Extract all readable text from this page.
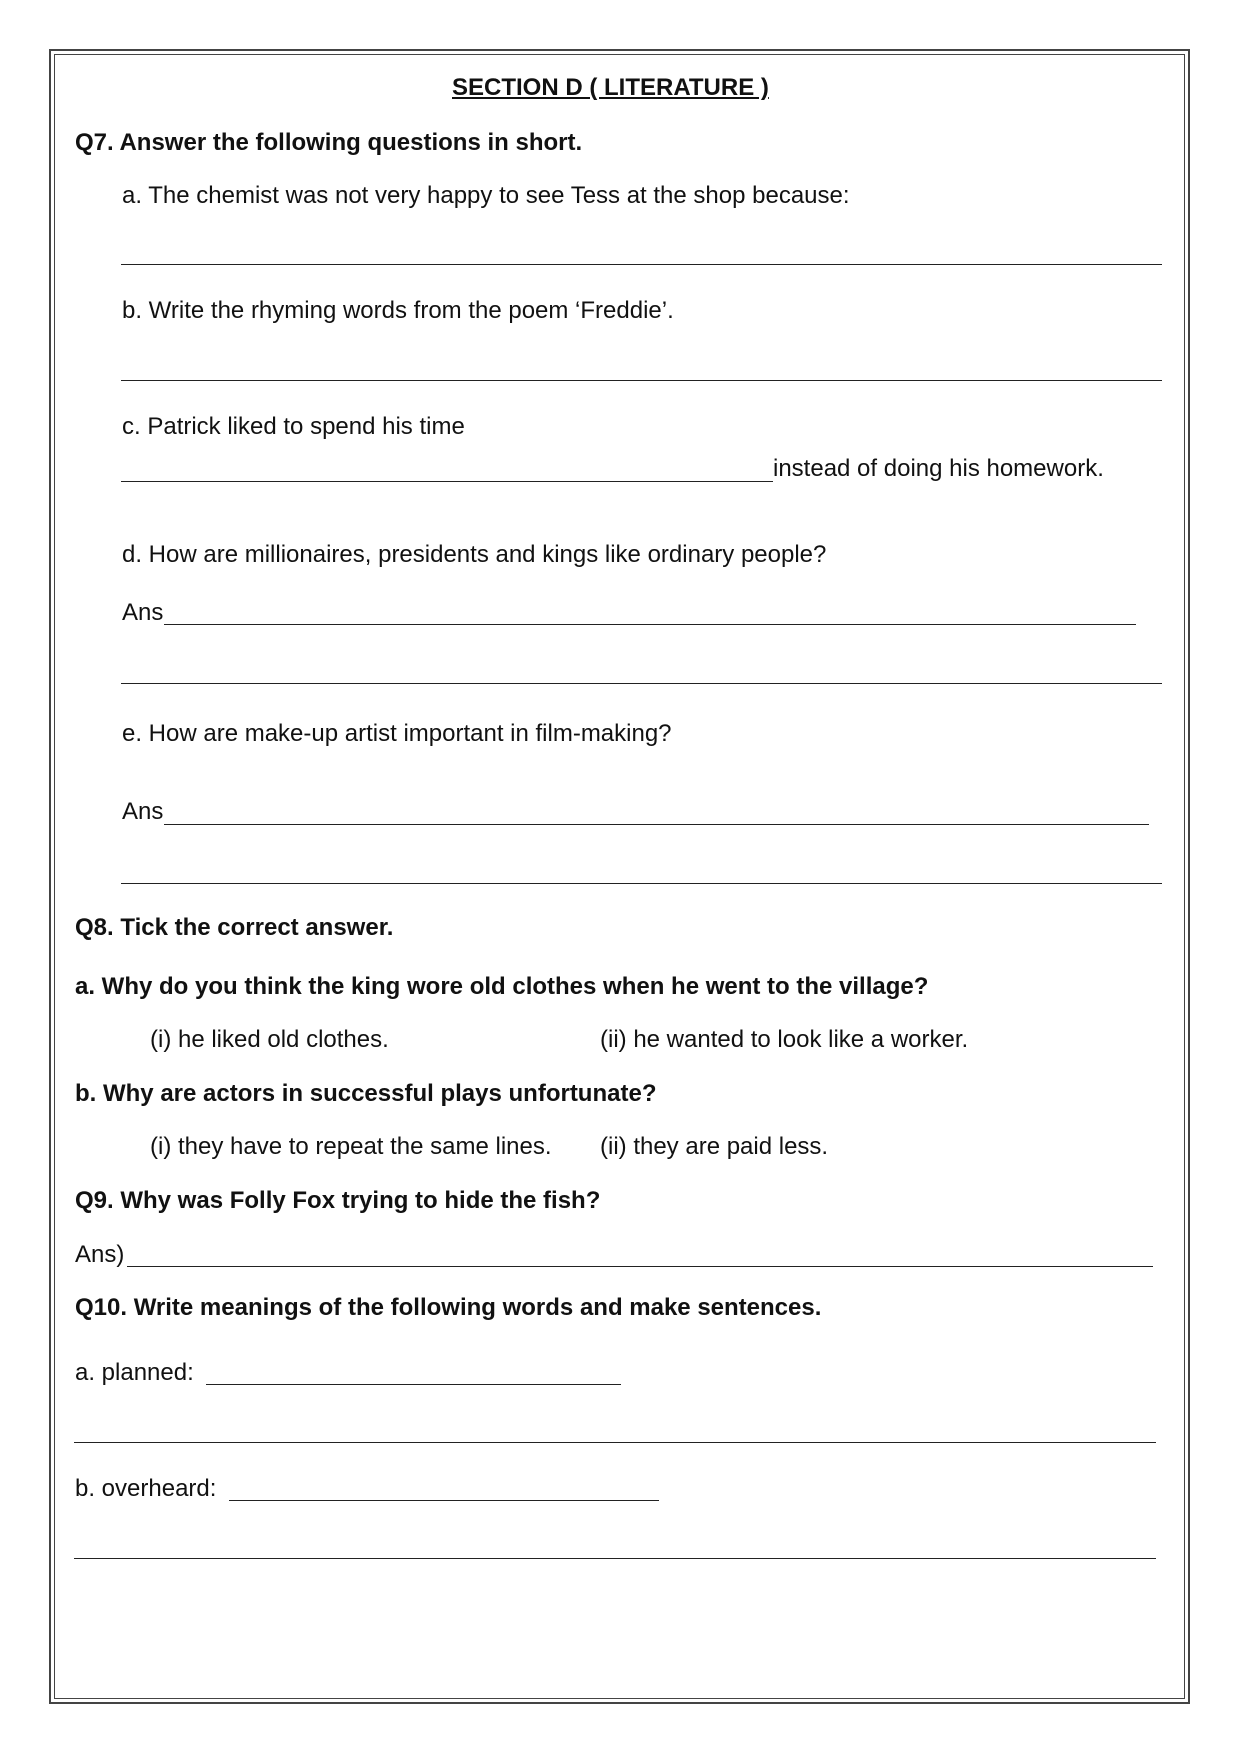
SECTION D ( LITERATURE )
Q7. Answer the following questions in short.
a. The chemist was not very happy to see Tess at the shop because:
b. Write the rhyming words from the poem ‘Freddie’.
c. Patrick liked to spend his time
instead of doing his homework.
d. How are millionaires, presidents and kings like ordinary people?
Ans
e. How are make-up artist important in film-making?
Ans
Q8. Tick the correct answer.
a. Why do you think the king wore old clothes when he went to the village?
(i) he liked old clothes.	(ii) he wanted to look like a worker.
b. Why are actors in successful plays unfortunate?
(i) they have to repeat the same lines. (ii) they are paid less.
Q9. Why was Folly Fox trying to hide the fish?
Ans)
Q10. Write meanings of the following words and make sentences.
a. planned:
b. overheard:
